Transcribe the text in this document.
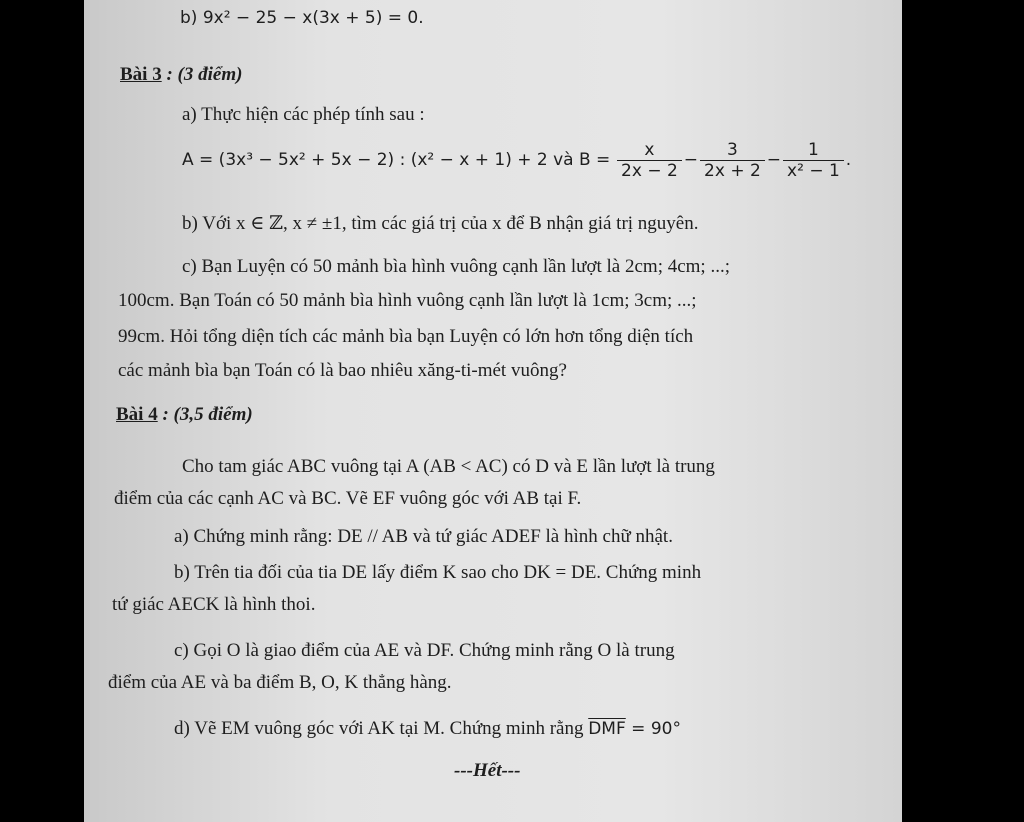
b) 9x² − 25 − x(3x + 5) = 0.
Bài 3 : (3 điểm)
a) Thực hiện các phép tính sau :
A = (3x³ − 5x² + 5x − 2) : (x² − x + 1) + 2 và $B = \frac{x}{2x - 2} - \frac{3}{2x + 2} - \frac{1}{\text{x² − 1}}$ .
b) Với x ∈ ℤ, x ≠ ±1, tìm các giá trị của x để B nhận giá trị nguyên.
c) Bạn Luyện có 50 mảnh bìa hình vuông cạnh lần lượt là 2cm; 4cm; ...;
100cm. Bạn Toán có 50 mảnh bìa hình vuông cạnh lần lượt là 1cm; 3cm; ...;
99cm. Hỏi tổng diện tích các mảnh bìa bạn Luyện có lớn hơn tổng diện tích
các mảnh bìa bạn Toán có là bao nhiêu xăng-ti-mét vuông?
Bài 4 : (3,5 điểm)
Cho tam giác ABC vuông tại A (AB < AC) có D và E lần lượt là trung
điểm của các cạnh AC và BC. Vẽ EF vuông góc với AB tại F.
a) Chứng minh rằng: DE // AB và tứ giác ADEF là hình chữ nhật.
b) Trên tia đối của tia DE lấy điểm K sao cho DK = DE. Chứng minh
tứ giác AECK là hình thoi.
c) Gọi O là giao điểm của AE và DF. Chứng minh rằng O là trung
điểm của AE và ba điểm B, O, K thẳng hàng.
d) Vẽ EM vuông góc với AK tại M. Chứng minh rằng $\overline{DMF} = 90^\circ$
---Hết---
